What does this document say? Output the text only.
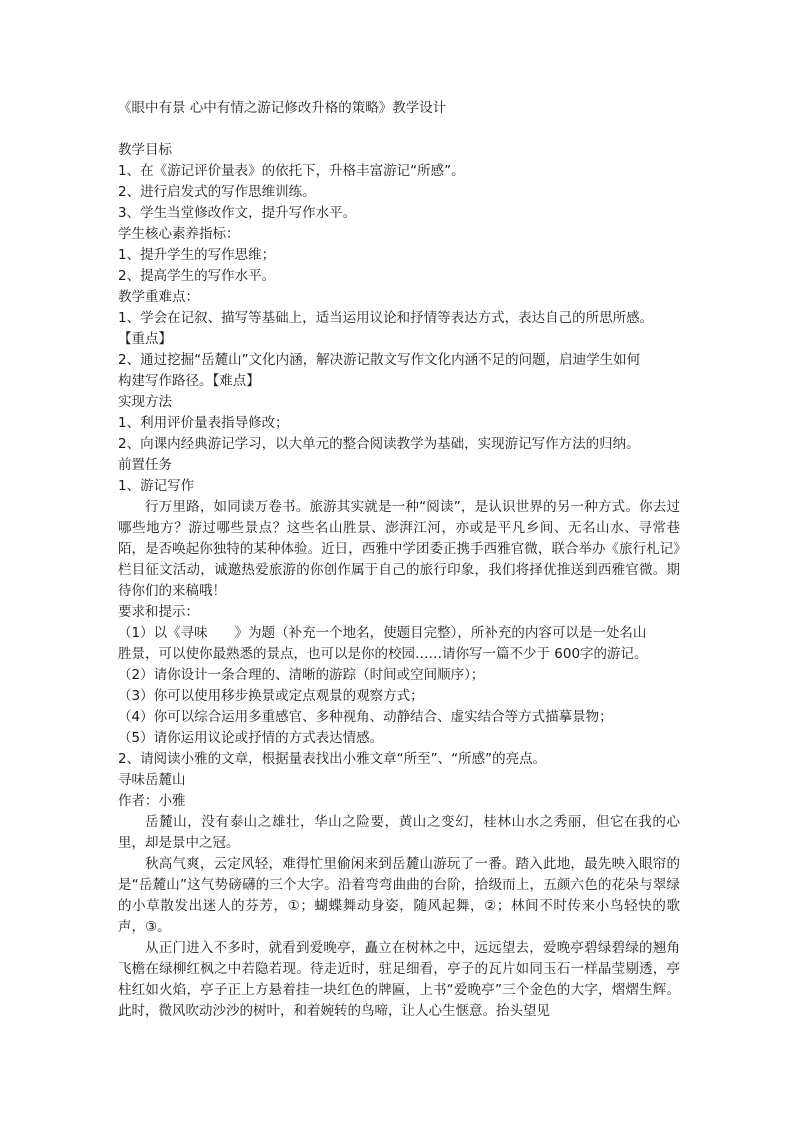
《眼中有景 心中有情之游记修改升格的策略》教学设计
教学目标
1、在《游记评价量表》的依托下，升格丰富游记“所感”。
2、进行启发式的写作思维训练。
3、学生当堂修改作文，提升写作水平。
学生核心素养指标：
1、提升学生的写作思维；
2、提高学生的写作水平。
教学重难点：
1、学会在记叙、描写等基础上，适当运用议论和抒情等表达方式，表达自己的所思所感。
【重点】
2、通过挖掘“岳麓山”文化内涵，解决游记散文写作文化内涵不足的问题，启迪学生如何
构建写作路径。【难点】
实现方法
1、利用评价量表指导修改；
2、向课内经典游记学习，以大单元的整合阅读教学为基础，实现游记写作方法的归纳。
前置任务
1、游记写作
行万里路，如同读万卷书。旅游其实就是一种“阅读”，是认识世界的另一种方式。你去过哪些地方？游过哪些景点？这些名山胜景、澎湃江河，亦或是平凡乡间、无名山水、寻常巷陌，是否唤起你独特的某种体验。近日，西雅中学团委正携手西雅官微，联合举办《旅行札记》栏目征文活动，诚邀热爱旅游的你创作属于自己的旅行印象，我们将择优推送到西雅官微。期待你们的来稿哦！
要求和提示：
（1）以《寻味　　》为题（补充一个地名，使题目完整），所补充的内容可以是一处名山
胜景，可以使你最熟悉的景点，也可以是你的校园……请你写一篇不少于 600字的游记。
（2）请你设计一条合理的、清晰的游踪（时间或空间顺序）；
（3）你可以使用移步换景或定点观景的观察方式；
（4）你可以综合运用多重感官、多种视角、动静结合、虚实结合等方式描摹景物；
（5）请你运用议论或抒情的方式表达情感。
2、请阅读小雅的文章，根据量表找出小雅文章“所至”、“所感”的亮点。
寻味岳麓山
作者：小雅
岳麓山，没有泰山之雄壮，华山之险要，黄山之变幻，桂林山水之秀丽，但它在我的心里，却是景中之冠。
秋高气爽，云定风轻，难得忙里偷闲来到岳麓山游玩了一番。踏入此地，最先映入眼帘的是“岳麓山”这气势磅礴的三个大字。沿着弯弯曲曲的台阶，拾级而上，五颜六色的花朵与翠绿的小草散发出迷人的芬芳，①；蝴蝶舞动身姿，随风起舞，②；林间不时传来小鸟轻快的歌声，③。
从正门进入不多时，就看到爱晚亭，矗立在树林之中，远远望去，爱晚亭碧绿碧绿的翘角飞檐在绿柳红枫之中若隐若现。待走近时，驻足细看，亭子的瓦片如同玉石一样晶莹剔透，亭柱红如火焰，亭子正上方悬着挂一块红色的牌匾，上书“爱晚亭”三个金色的大字，熠熠生辉。此时，微风吹动沙沙的树叶，和着婉转的鸟啼，让人心生惬意。抬头望见
